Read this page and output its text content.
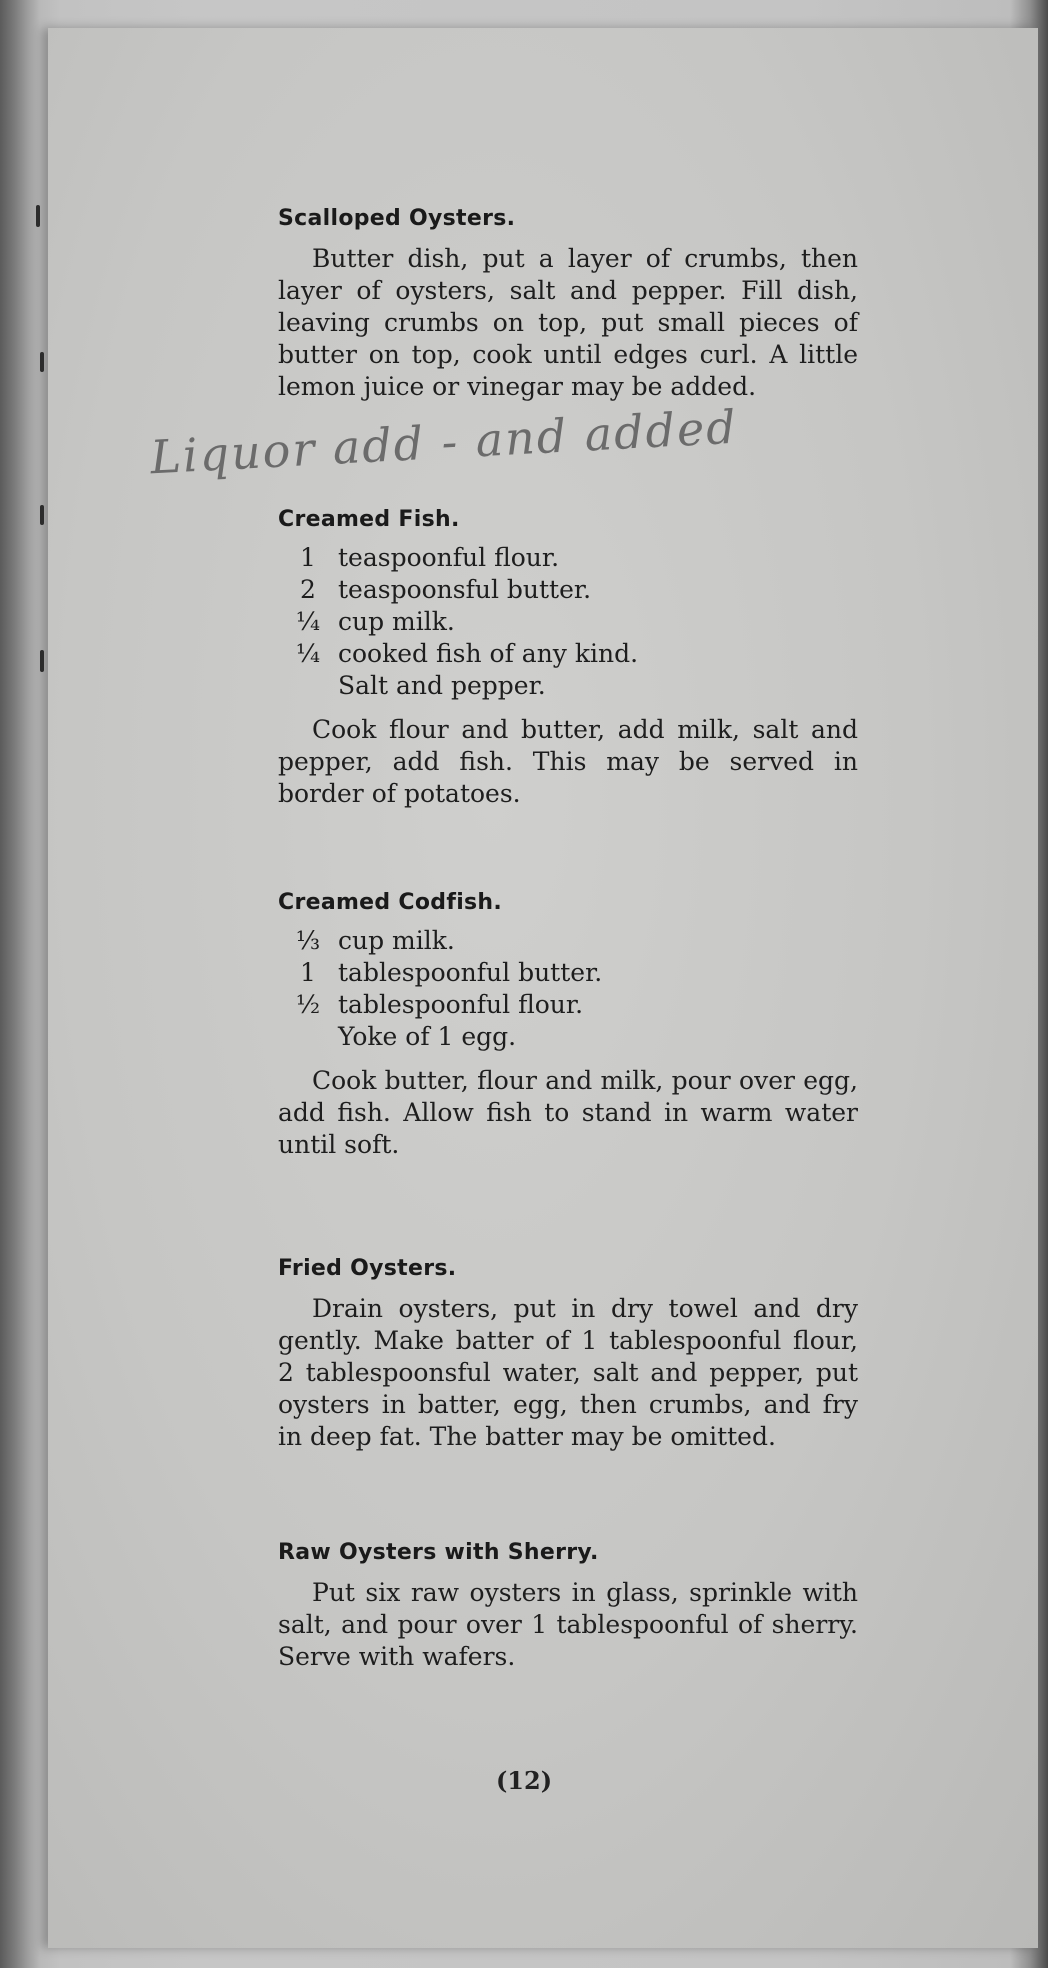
Scalloped Oysters.

Butter dish, put a layer of crumbs, then layer of oysters, salt and pepper. Fill dish, leaving crumbs on top, put small pieces of butter on top, cook until edges curl. A little lemon juice or vinegar may be added.

Liquor add - and added
Creamed Fish.
1 teaspoonful flour.
2 teaspoonsful butter.
¼ cup milk.
¼ cooked fish of any kind.
Salt and pepper.

Cook flour and butter, add milk, salt and pepper, add fish. This may be served in border of potatoes.

Creamed Codfish.
⅓ cup milk.
1 tablespoonful butter.
½ tablespoonful flour.
Yoke of 1 egg.

Cook butter, flour and milk, pour over egg, add fish. Allow fish to stand in warm water until soft.

Fried Oysters.

Drain oysters, put in dry towel and dry gently. Make batter of 1 tablespoonful flour, 2 tablespoonsful water, salt and pepper, put oysters in batter, egg, then crumbs, and fry in deep fat. The batter may be omitted.

Raw Oysters with Sherry.

Put six raw oysters in glass, sprinkle with salt, and pour over 1 tablespoonful of sherry. Serve with wafers.

(12)
